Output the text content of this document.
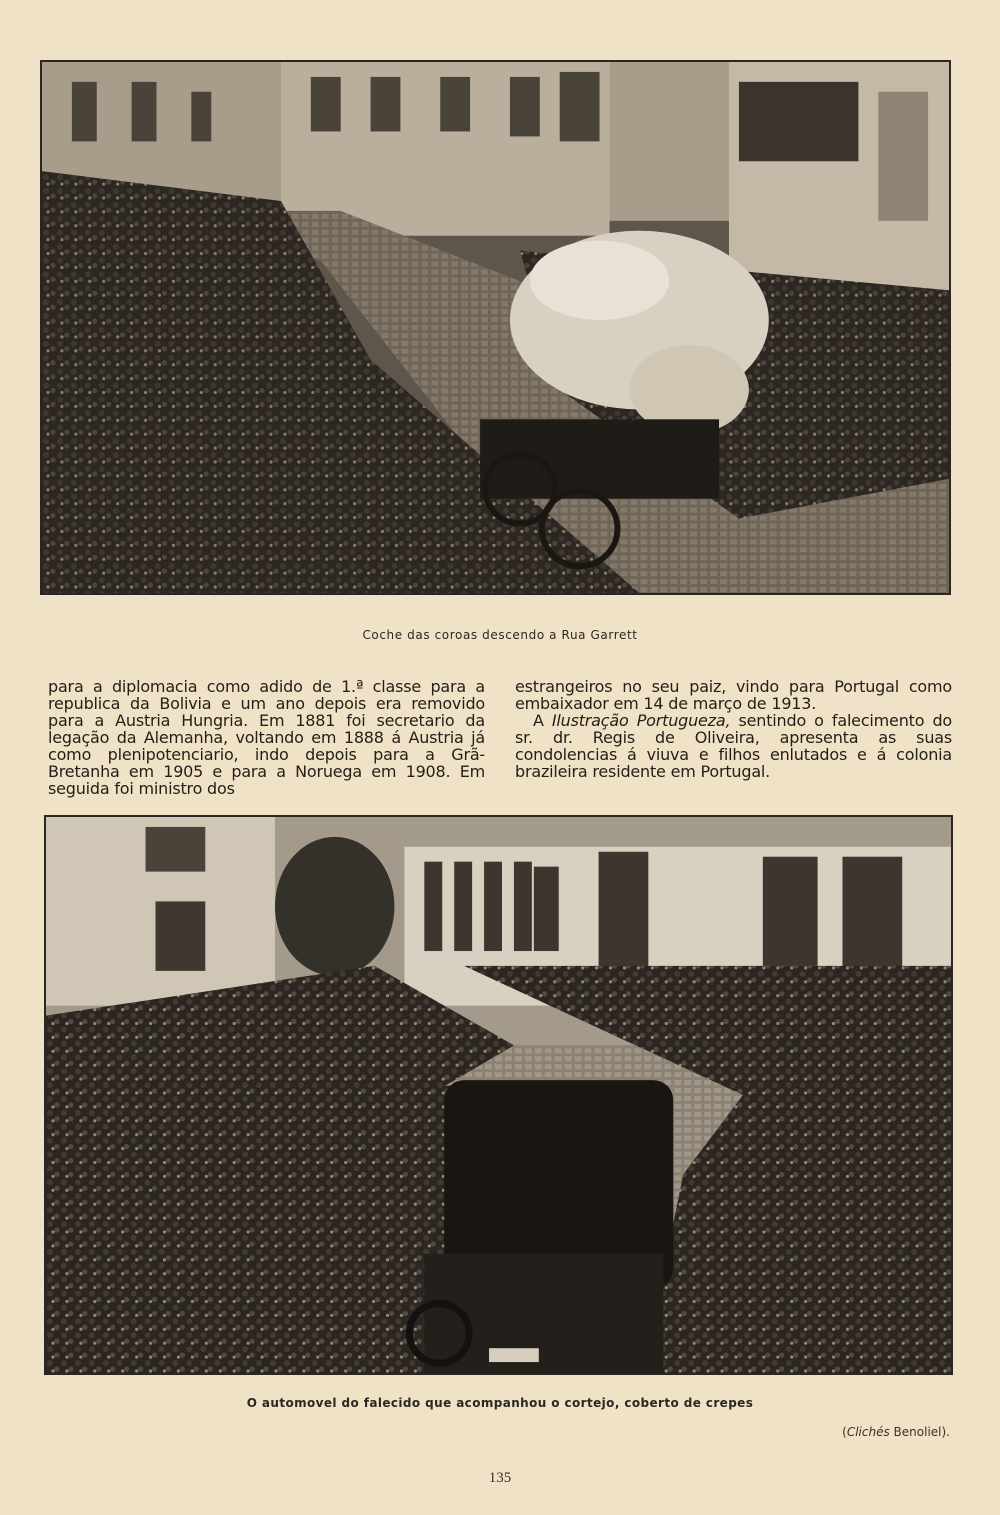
Coche das coroas descendo a Rua Garrett

para a diplomacia como adido de 1.ª classe para a republica da Bolivia e um ano depois era removido para a Austria Hungria. Em 1881 foi secretario da legação da Alemanha, voltando em 1888 á Austria já como plenipotenciario, indo depois para a Grã-Bretanha em 1905 e para a Noruega em 1908. Em seguida foi ministro dos

estrangeiros no seu paiz, vindo para Portugal como embaixador em 14 de março de 1913.

A Ilustração Portugueza, sentindo o falecimento do sr. dr. Regis de Oliveira, apresenta as suas condolencias á viuva e filhos enlutados e á colonia brazileira residente em Portugal.

O automovel do falecido que acompanhou o cortejo, coberto de crepes
(Clichés Benoliel).
135
